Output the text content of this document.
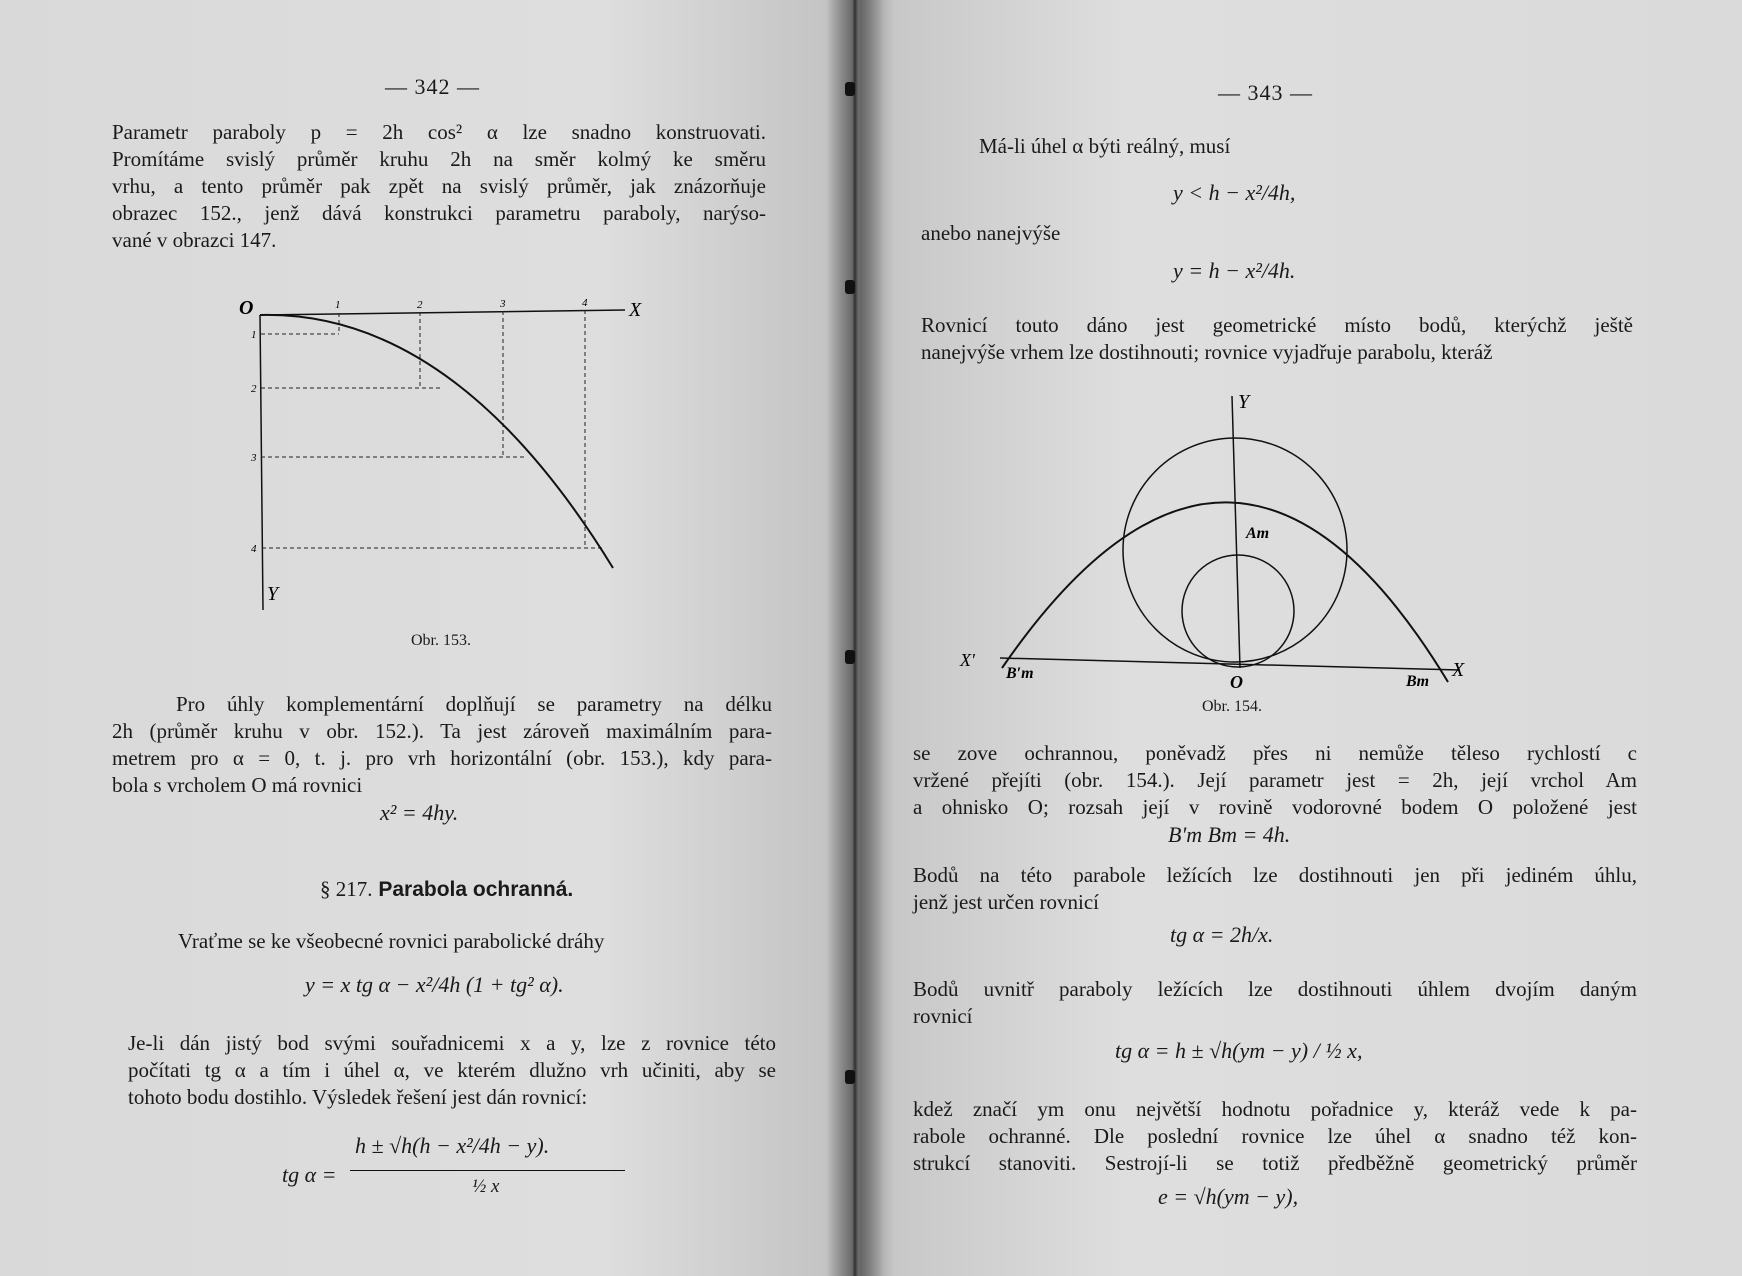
— 342 —
Parametr paraboly p = 2h cos² α lze snadno konstruovati.
Promítáme svislý průměr kruhu 2h na směr kolmý ke směru
vrhu, a tento průměr pak zpět na svislý průměr, jak znázorňuje
obrazec 152., jenž dává konstrukci parametru paraboly, narýso-
vané v obrazci 147.
O	X
Y
1	2	3	4
1
2
3
4
Obr. 153.
Pro úhly komplementární doplňují se parametry na délku
2h (průměr kruhu v obr. 152.). Ta jest zároveň maximálním para-
metrem pro α = 0, t. j. pro vrh horizontální (obr. 153.), kdy para-
bola s vrcholem O má rovnici
x² = 4hy.
§ 217. Parabola ochranná.
Vraťme se ke všeobecné rovnici parabolické dráhy
y = x tg α − x²/4h (1 + tg² α).
Je-li dán jistý bod svými souřadnicemi x a y, lze z rovnice této
počítati tg α a tím i úhel α, ve kterém dlužno vrh učiniti, aby se
tohoto bodu dostihlo. Výsledek řešení jest dán rovnicí:
tg α =
h ± √h(h − x²/4h − y).
½ x
— 343 —
Má-li úhel α býti reálný, musí
y < h − x²/4h,
anebo nanejvýše
y = h − x²/4h.
Rovnicí touto dáno jest geometrické místo bodů, kterýchž ještě
nanejvýše vrhem lze dostihnouti; rovnice vyjadřuje parabolu, kteráž
Y
X′	X
O
Am
B′m	Bm
Obr. 154.
se zove ochrannou, poněvadž přes ni nemůže těleso rychlostí c
vržené přejíti (obr. 154.). Její parametr jest = 2h, její vrchol Am
a ohnisko O; rozsah její v rovině vodorovné bodem O položené jest
B′m Bm = 4h.
Bodů na této parabole ležících lze dostihnouti jen při jediném úhlu,
jenž jest určen rovnicí
tg α = 2h/x.
Bodů uvnitř paraboly ležících lze dostihnouti úhlem dvojím daným
rovnicí
tg α = h ± √h(ym − y) / ½ x,
kdež značí ym onu největší hodnotu pořadnice y, kteráž vede k pa-
rabole ochranné. Dle poslední rovnice lze úhel α snadno též kon-
strukcí stanoviti. Sestrojí-li se totiž předběžně geometrický průměr
e = √h(ym − y),
